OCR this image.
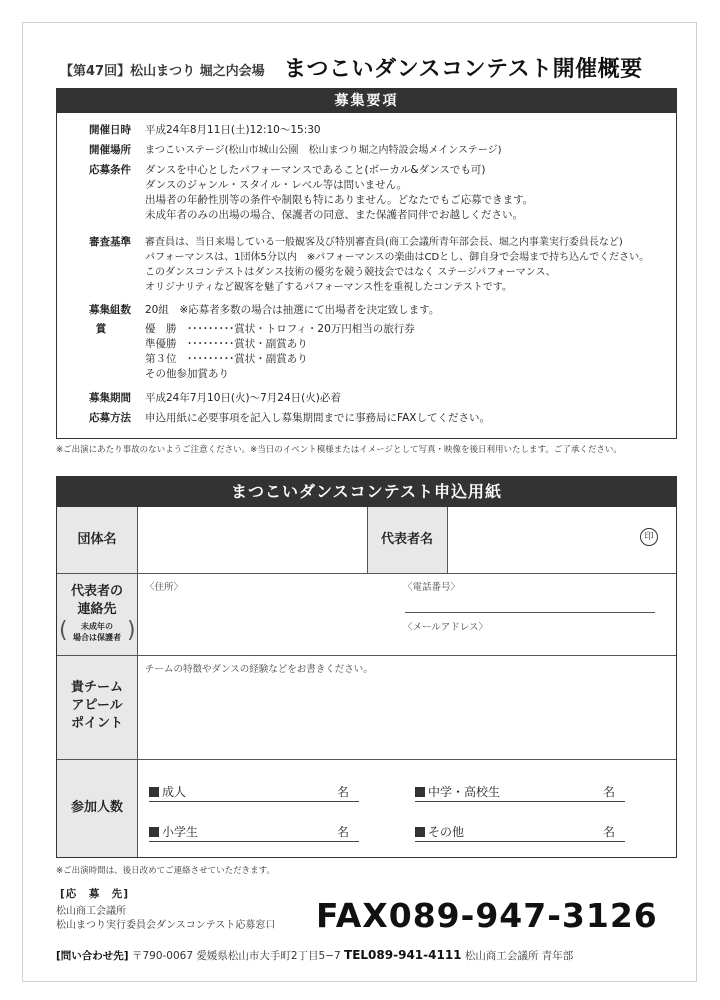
【第47回】松山まつり 堀之内会場 まつこいダンスコンテスト開催概要
募集要項
開催日時 平成24年8月11日(土)12:10〜15:30
開催場所 まつこいステージ(松山市城山公園　松山まつり堀之内特設会場メインステージ)
応募条件 ダンスを中心としたパフォーマンスであること(ボーカル&ダンスでも可)
ダンスのジャンル・スタイル・レベル等は問いません。
出場者の年齢性別等の条件や制限も特にありません。どなたでもご応募できます。
未成年者のみの出場の場合、保護者の同意、また保護者同伴でお越しください。
審査基準 審査員は、当日来場している一般観客及び特別審査員(商工会議所青年部会長、堀之内事業実行委員長など)
パフォーマンスは、1団体5分以内　※パフォーマンスの楽曲はCDとし、御自身で会場まで持ち込んでください。
このダンスコンテストはダンス技術の優劣を競う競技会ではなく ステージパフォーマンス、
オリジナリティなど観客を魅了するパフォーマンス性を重視したコンテストです。
募集組数 20組　※応募者多数の場合は抽選にて出場者を決定致します。
賞	優　勝　･････････賞状・トロフィ・20万円相当の旅行券
準優勝　･････････賞状・副賞あり
第３位　･････････賞状・副賞あり
その他参加賞あり
募集期間 平成24年7月10日(火)〜7月24日(火)必着
応募方法 申込用紙に必要事項を記入し募集期間までに事務局にFAXしてください。
※ご出演にあたり事故のないようご注意ください。※当日のイベント模様またはイメージとして写真・映像を後日利用いたします。ご了承ください。
まつこいダンスコンテスト申込用紙
団体名	代表者名
代表者の
連絡先
(	未成年の
場合は保護者 )
〈住所〉	〈電話番号〉
〈メールアドレス〉
貴チーム
アピール
ポイント
チームの特徴やダンスの経験などをお書きください。
参加人数
成人	名	中学・高校生	名
小学生	名	その他	名
印
※ご出演時間は、後日改めてご連絡させていただきます。
[応　募　先]
松山商工会議所
松山まつり実行委員会ダンスコンテスト応募窓口 FAX089-947-3126
[問い合わせ先] 〒790-0067 愛媛県松山市大手町2丁目5−7 TEL089-941-4111 松山商工会議所 青年部
